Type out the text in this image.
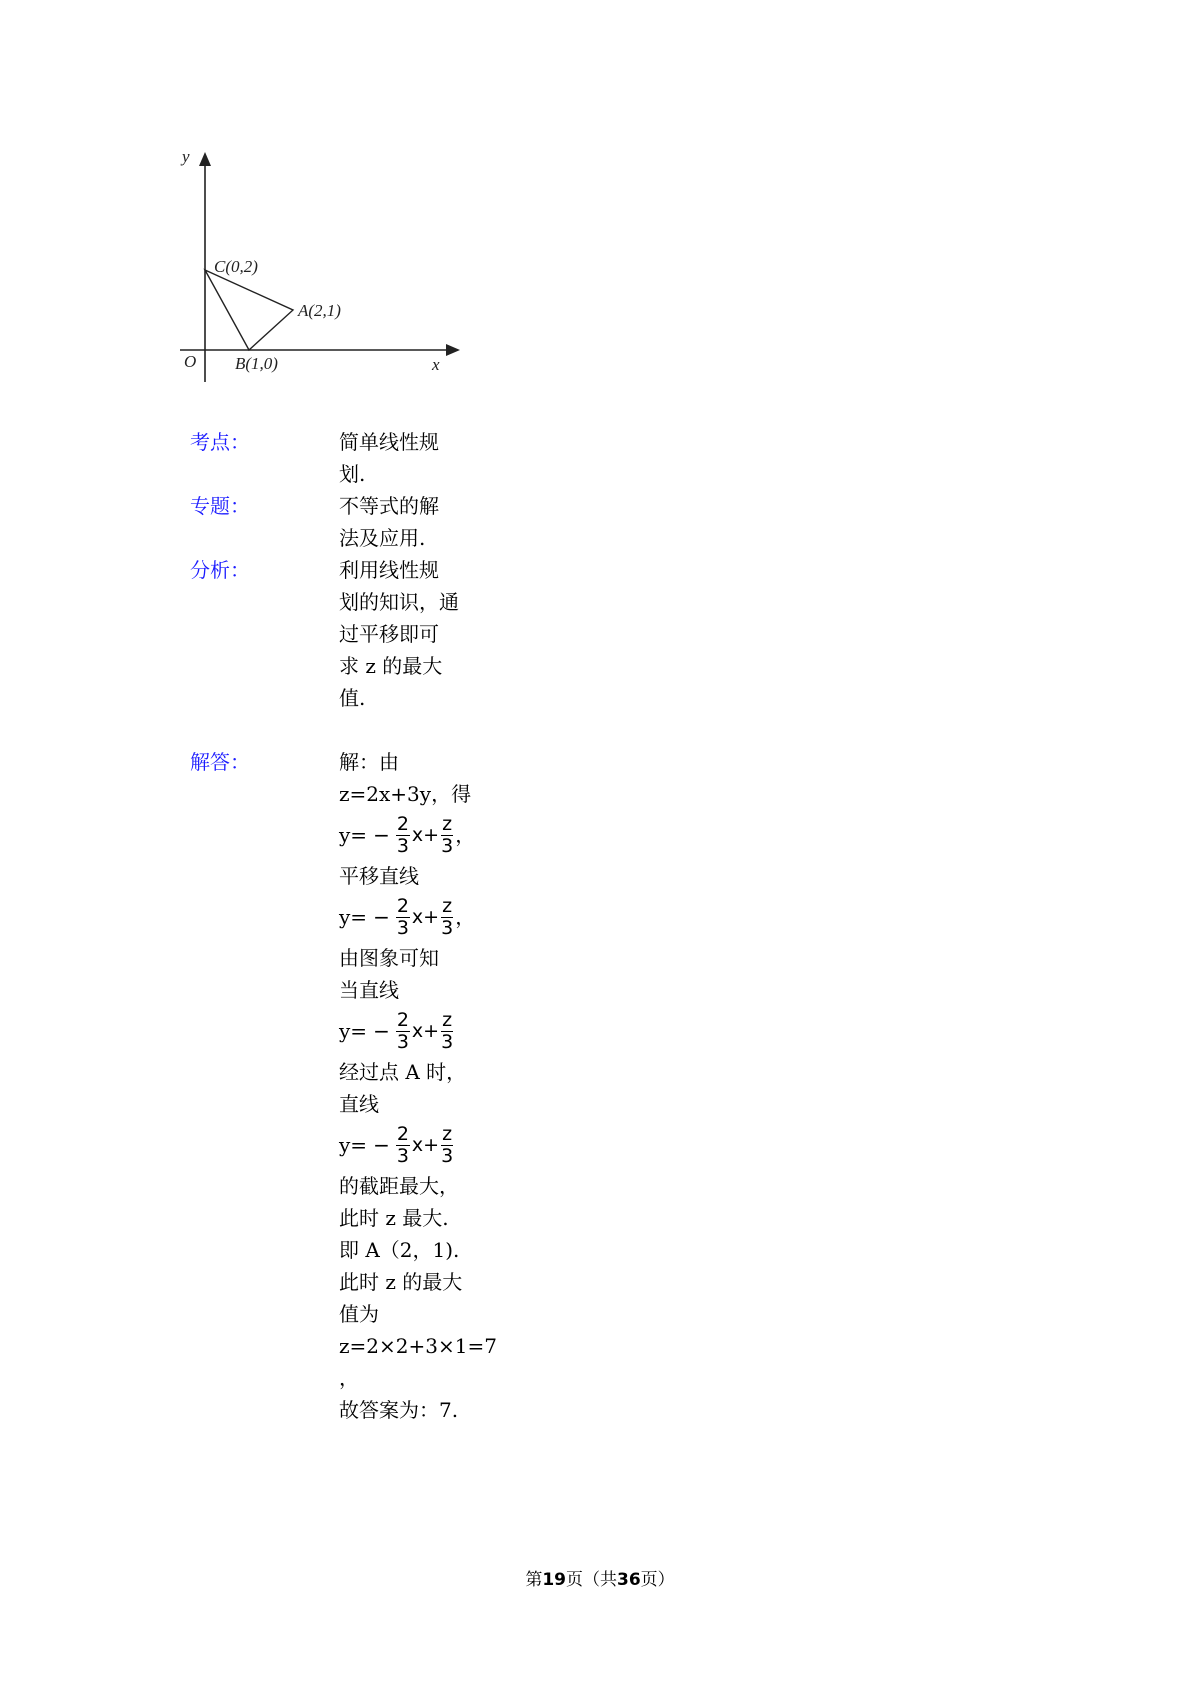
y
x
O
C(0,2)
A(2,1)
B(1,0)
考点：	简单线性规
划.
专题：	不等式的解
法及应用.
分析：	利用线性规
划的知识，通
过平移即可
求 z 的最大
值.
解答：	解：由
z=2x+3y，得
$y= - \frac{2}{3} x+ \frac{z}{3}$ ，
平移直线
$y= - \frac{2}{3} x+ \frac{z}{3}$ ，
由图象可知
当直线
$y= - \frac{2}{3} x+ \frac{z}{3}$
经过点 A 时，
直线
$y= - \frac{2}{3} x+ \frac{z}{3}$
的截距最大，
此时 z 最大.
即 A（2，1).
此时 z 的最大
值为
z=2×2+3×1=7
，
故答案为：7.
第19页（共36页）
